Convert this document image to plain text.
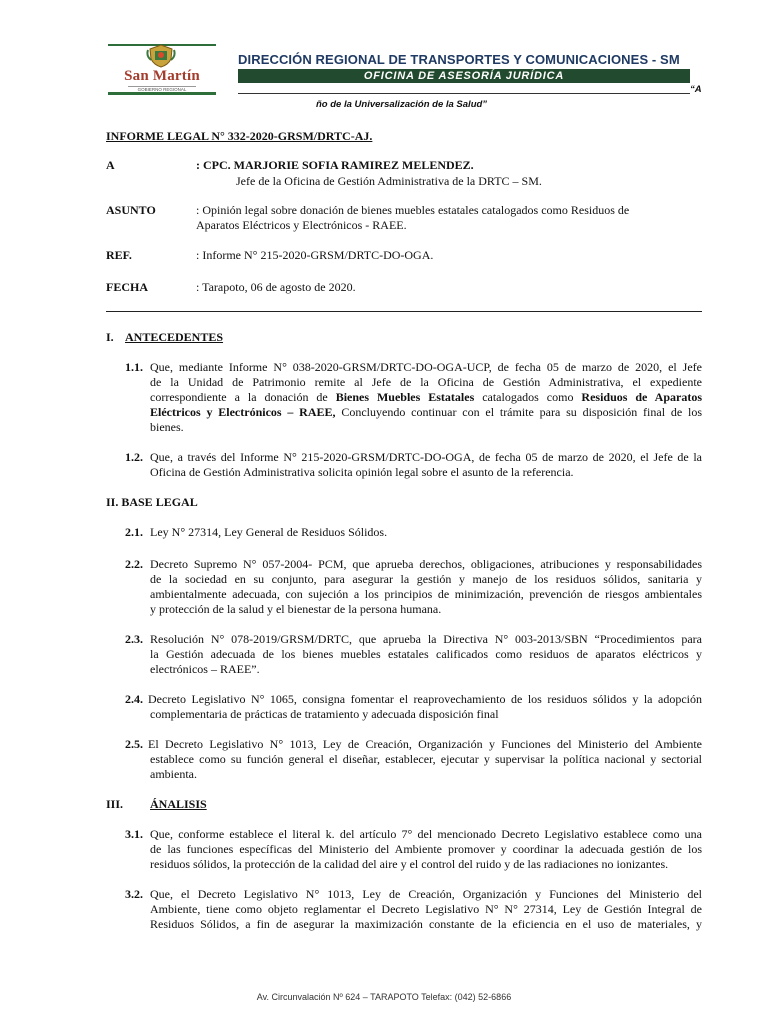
San Martín
GOBIERNO REGIONAL
DIRECCIÓN REGIONAL DE TRANSPORTES Y COMUNICACIONES - SM
OFICINA DE ASESORÍA JURÍDICA
“A
ño de la Universalización de la Salud”
INFORME LEGAL N° 332-2020-GRSM/DRTC-AJ.
A	: CPC. MARJORIE SOFIA RAMIREZ MELENDEZ.
Jefe de la Oficina de Gestión Administrativa de la DRTC – SM.
ASUNTO	: Opinión legal sobre donación de bienes muebles estatales catalogados como Residuos de
Aparatos Eléctricos y Electrónicos - RAEE.
REF.	: Informe N° 215-2020-GRSM/DRTC-DO-OGA.
FECHA	: Tarapoto, 06 de agosto de 2020.
I. ANTECEDENTES
1.1. Que, mediante Informe N° 038-2020-GRSM/DRTC-DO-OGA-UCP, de fecha 05 de marzo de 2020, el Jefe
de la Unidad de Patrimonio remite al Jefe de la Oficina de Gestión Administrativa, el expediente
correspondiente a la donación de Bienes Muebles Estatales catalogados como Residuos de Aparatos
Eléctricos y Electrónicos – RAEE, Concluyendo continuar con el trámite para su disposición final de los
bienes.
1.2. Que, a través del Informe N° 215-2020-GRSM/DRTC-DO-OGA, de fecha 05 de marzo de 2020, el Jefe de la
Oficina de Gestión Administrativa solicita opinión legal sobre el asunto de la referencia.
II. BASE LEGAL
2.1. Ley N° 27314, Ley General de Residuos Sólidos.
2.2. Decreto Supremo N° 057-2004- PCM, que aprueba derechos, obligaciones, atribuciones y responsabilidades
de la sociedad en su conjunto, para asegurar la gestión y manejo de los residuos sólidos, sanitaria y
ambientalmente adecuada, con sujeción a los principios de minimización, prevención de riesgos ambientales
y protección de la salud y el bienestar de la persona humana.
2.3. Resolución N° 078-2019/GRSM/DRTC, que aprueba la Directiva N° 003-2013/SBN “Procedimientos para
la Gestión adecuada de los bienes muebles estatales calificados como residuos de aparatos eléctricos y
electrónicos – RAEE”.
2.4. Decreto Legislativo N° 1065, consigna fomentar el reaprovechamiento de los residuos sólidos y la adopción
complementaria de prácticas de tratamiento y adecuada disposición final
2.5. El Decreto Legislativo N° 1013, Ley de Creación, Organización y Funciones del Ministerio del Ambiente
establece como su función general el diseñar, establecer, ejecutar y supervisar la política nacional y sectorial
ambienta.
III. ÁNALISIS
3.1. Que, conforme establece el literal k. del artículo 7° del mencionado Decreto Legislativo establece como una
de las funciones específicas del Ministerio del Ambiente promover y coordinar la adecuada gestión de los
residuos sólidos, la protección de la calidad del aire y el control del ruido y de las radiaciones no ionizantes.
3.2. Que, el Decreto Legislativo N° 1013, Ley de Creación, Organización y Funciones del Ministerio del
Ambiente, tiene como objeto reglamentar el Decreto Legislativo N° N° 27314, Ley de Gestión Integral de
Residuos Sólidos, a fin de asegurar la maximización constante de la eficiencia en el uso de materiales, y
Av. Circunvalación Nº 624 – TARAPOTO Telefax: (042) 52-6866
